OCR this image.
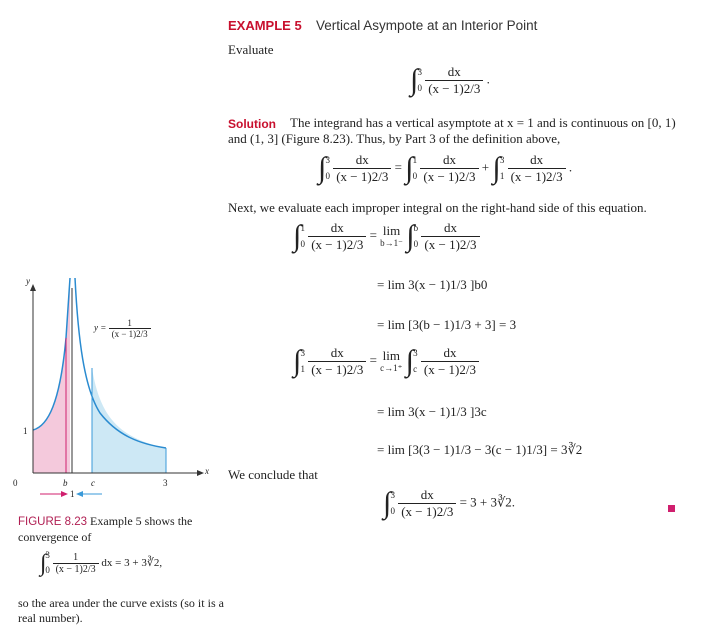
EXAMPLE 5 Vertical Asympote at an Interior Point
Evaluate
∫ 3
0
$\frac{dx}{(x - 1)2/3}$ .
Solution The integrand has a vertical asymptote at x = 1 and is continuous on [0, 1)
and (1, 3] (Figure 8.23). Thus, by Part 3 of the definition above,
∫ 3
0
$\frac{dx}{(x - 1)2/3}$ = ∫ 1
0
$\frac{dx}{(x - 1)2/3}$ + ∫ 3
1
$\frac{dx}{(x - 1)2/3}$ .
Next, we evaluate each improper integral on the right-hand side of this equation.
∫ 1
0
$\frac{dx}{(x - 1)2/3} = \lim$
b→1⁻ ∫ b
0
$\frac{dx}{(x - 1)2/3}$
= lim 3(x − 1)1/3 ]b0
= lim [3(b − 1)1/3 + 3] = 3
∫ 3
1
$\frac{dx}{(x - 1)2/3} = \lim$
c→1⁺ ∫ 3
c
$\frac{dx}{(x - 1)2/3}$
= lim 3(x − 1)1/3 ]3c
= lim [3(3 − 1)1/3 − 3(c − 1)1/3] = 3∛2
We conclude that
∫ 3
0
$\frac{dx}{(x - 1)2/3} = 3$ + 3∛2.
y
x
$y = \frac{1}{(x - 1)2/3}$
0	b	c	3
1
1
FIGURE 8.23 Example 5 shows the
convergence of
∫
3
0
$\frac{1}{(x - 1)2/3}$ dx = 3 + 3∛2,
so the area under the curve exists (so it is a
real number).
